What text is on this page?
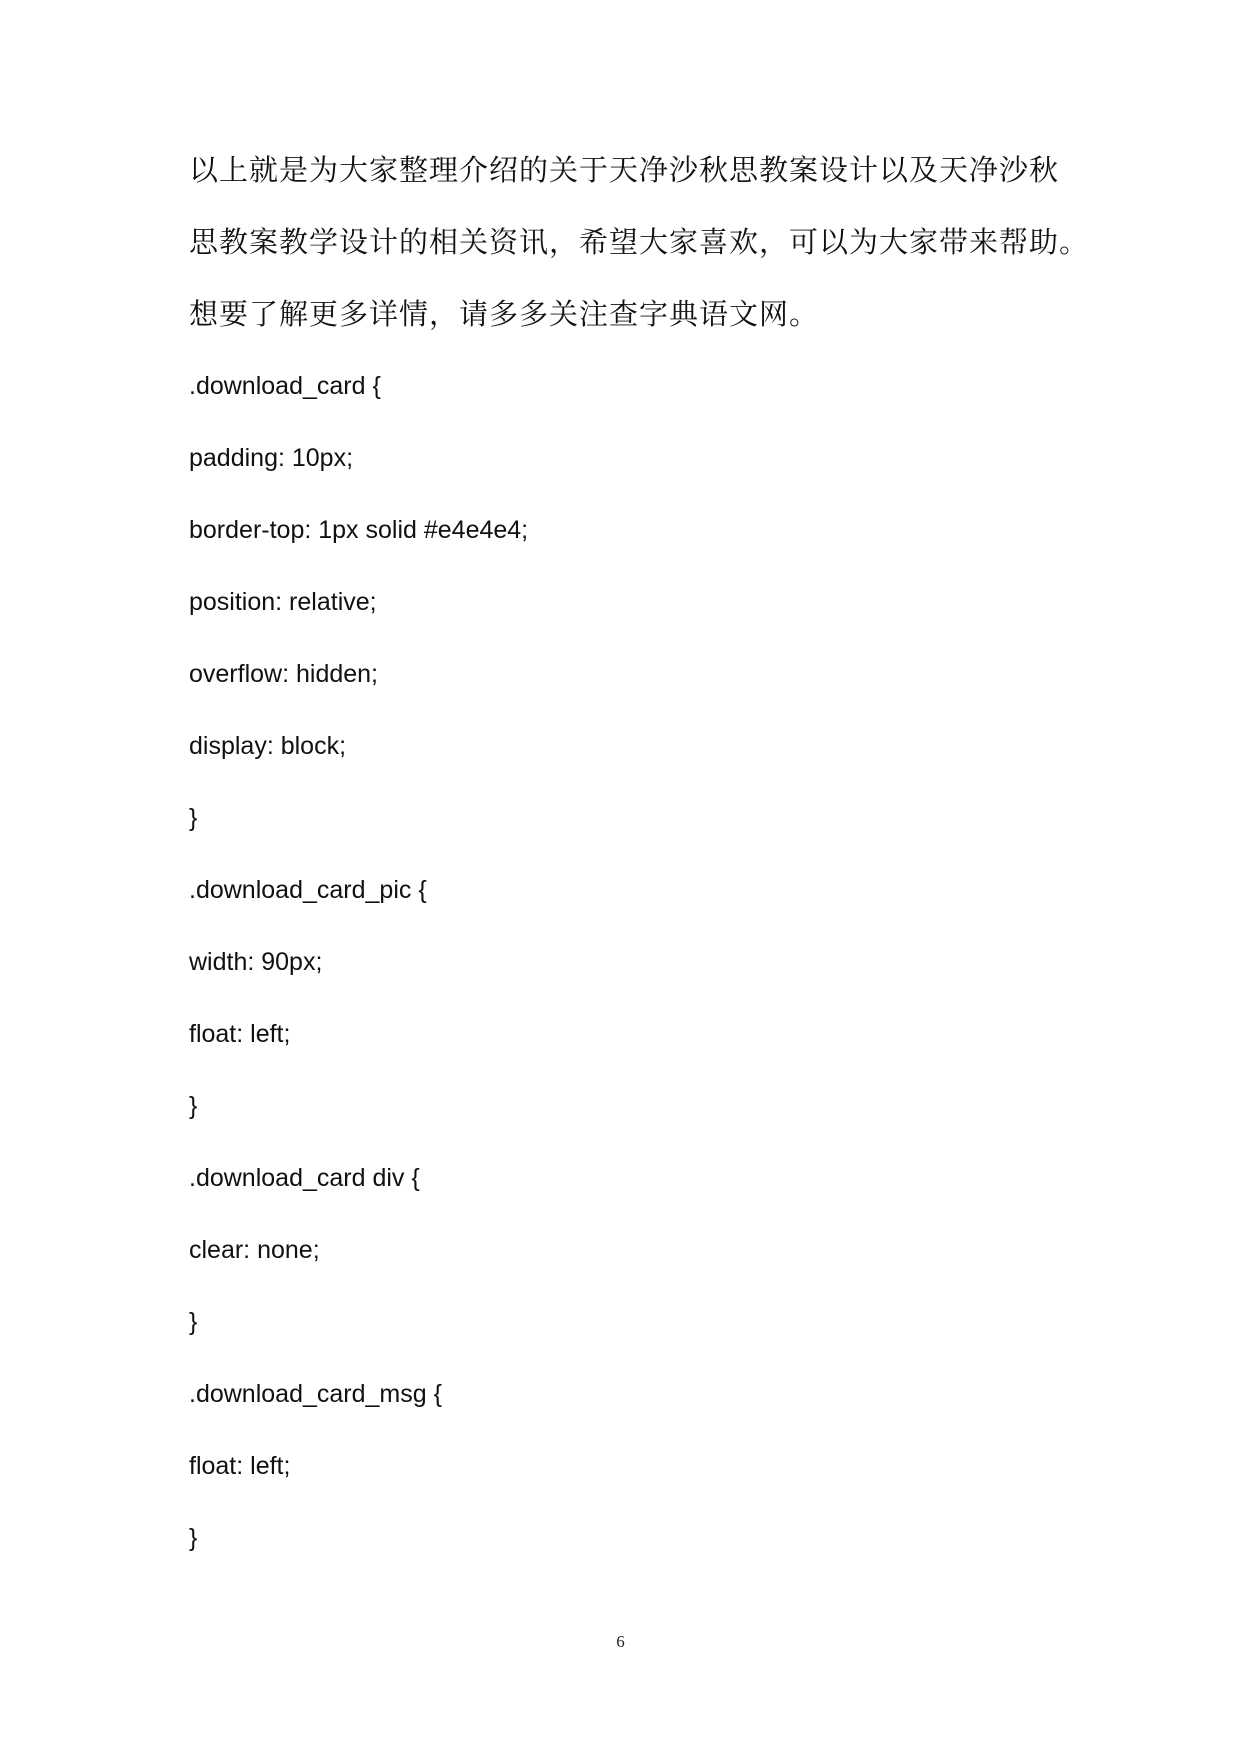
以上就是为大家整理介绍的关于天净沙秋思教案设计以及天净沙秋
思教案教学设计的相关资讯，希望大家喜欢，可以为大家带来帮助。
想要了解更多详情，请多多关注查字典语文网。
.download_card {
padding: 10px;
border-top: 1px solid #e4e4e4;
position: relative;
overflow: hidden;
display: block;
}
.download_card_pic {
width: 90px;
float: left;
}
.download_card div {
clear: none;
}
.download_card_msg {
float: left;
}
6
